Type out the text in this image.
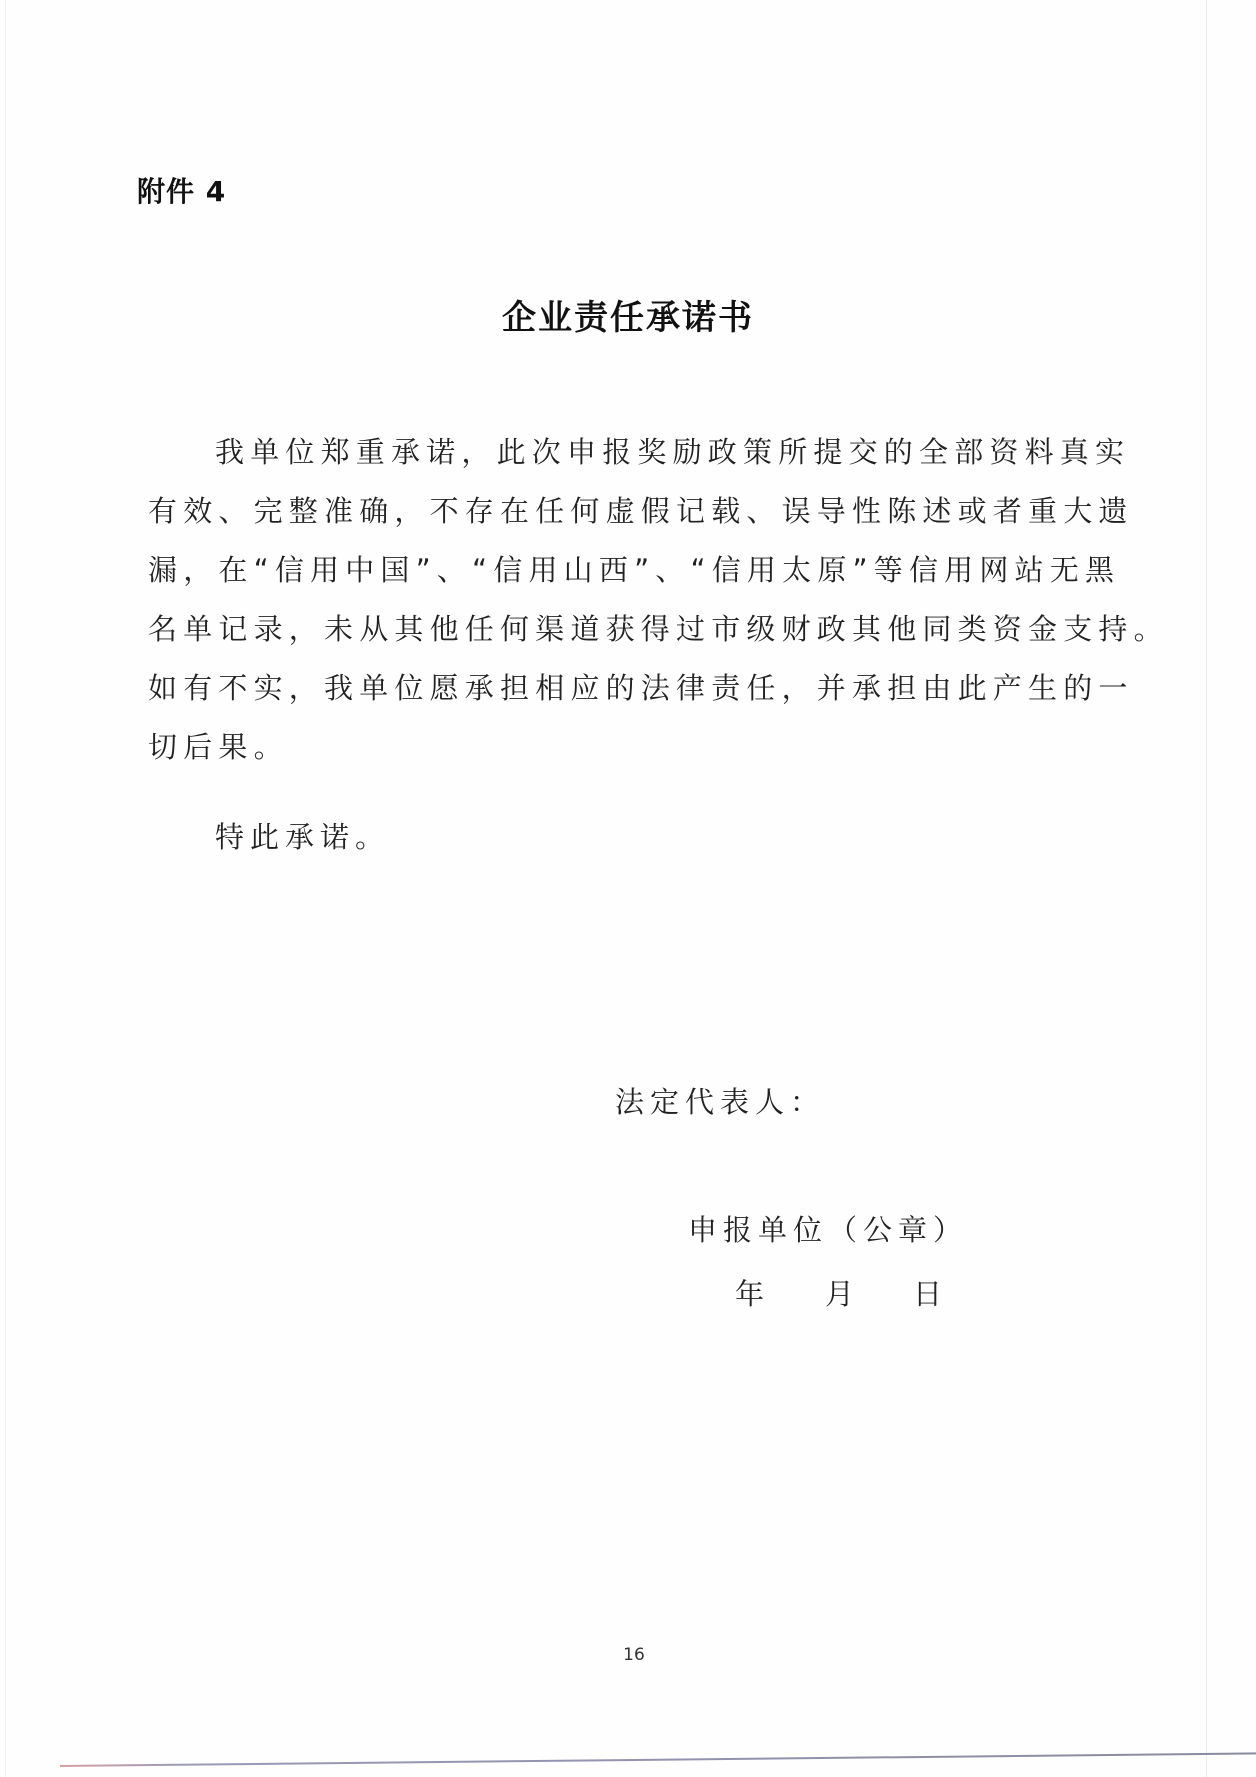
附件 4
企业责任承诺书
我单位郑重承诺，此次申报奖励政策所提交的全部资料真实
有效、完整准确，不存在任何虚假记载、误导性陈述或者重大遗
漏，在“信用中国”、“信用山西”、“信用太原”等信用网站无黑
名单记录，未从其他任何渠道获得过市级财政其他同类资金支持。
如有不实，我单位愿承担相应的法律责任，并承担由此产生的一
切后果。
特此承诺。
法定代表人：
申报单位（公章）
年	月	日
16
